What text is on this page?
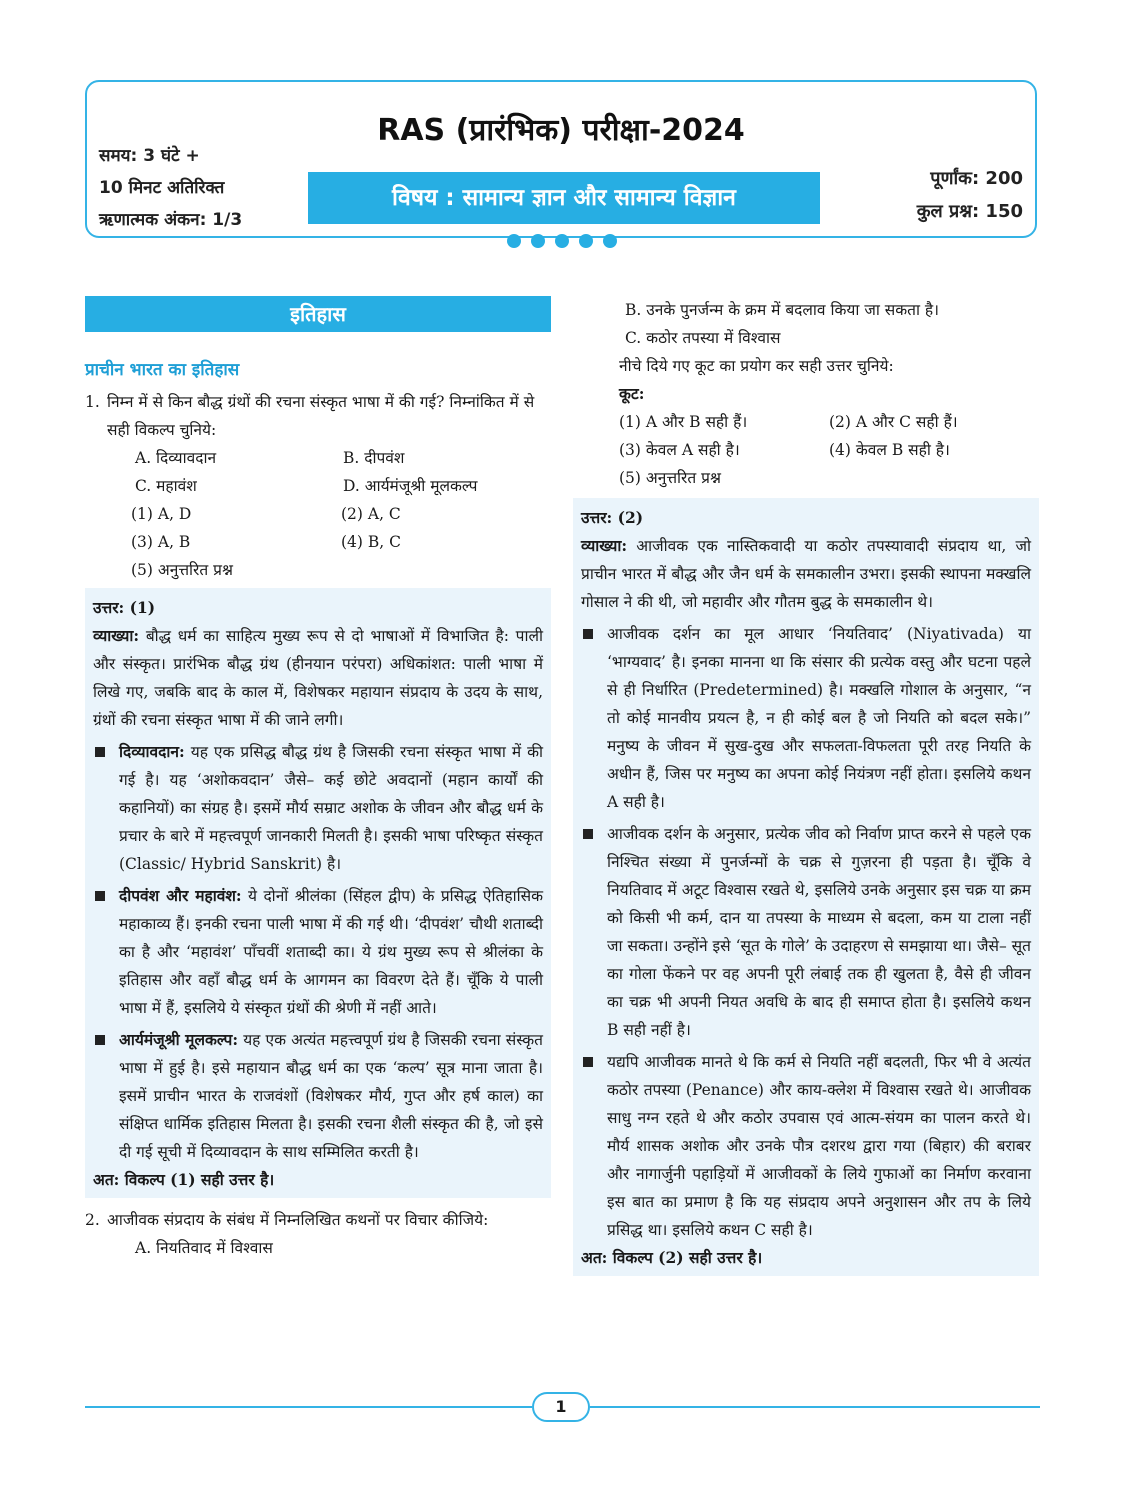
RAS (प्रारंभिक) परीक्षा-2024
समय: 3 घंटे +
10 मिनट अतिरिक्त
ऋणात्मक अंकन: 1/3
विषय : सामान्य ज्ञान और सामान्य विज्ञान
पूर्णांक: 200
कुल प्रश्न: 150
इतिहास
प्राचीन भारत का इतिहास
1. निम्न में से किन बौद्ध ग्रंथों की रचना संस्कृत भाषा में की गई? निम्नांकित में से सही विकल्प चुनिये:
A. दिव्यावदान	B. दीपवंश
C. महावंश	D. आर्यमंजूश्री मूलकल्प
(1) A, D	(2) A, C
(3) A, B	(4) B, C
(5) अनुत्तरित प्रश्न
उत्तर: (1)
व्याख्या: बौद्ध धर्म का साहित्य मुख्य रूप से दो भाषाओं में विभाजित है: पाली और संस्कृत। प्रारंभिक बौद्ध ग्रंथ (हीनयान परंपरा) अधिकांशत: पाली भाषा में लिखे गए, जबकि बाद के काल में, विशेषकर महायान संप्रदाय के उदय के साथ, ग्रंथों की रचना संस्कृत भाषा में की जाने लगी।
दिव्यावदान: यह एक प्रसिद्ध बौद्ध ग्रंथ है जिसकी रचना संस्कृत भाषा में की गई है। यह ‘अशोकवदान’ जैसे– कई छोटे अवदानों (महान कार्यों की कहानियों) का संग्रह है। इसमें मौर्य सम्राट अशोक के जीवन और बौद्ध धर्म के प्रचार के बारे में महत्त्वपूर्ण जानकारी मिलती है। इसकी भाषा परिष्कृत संस्कृत (Classic/ Hybrid Sanskrit) है।
दीपवंश और महावंश: ये दोनों श्रीलंका (सिंहल द्वीप) के प्रसिद्ध ऐतिहासिक महाकाव्य हैं। इनकी रचना पाली भाषा में की गई थी। ‘दीपवंश’ चौथी शताब्दी का है और ‘महावंश’ पाँचवीं शताब्दी का। ये ग्रंथ मुख्य रूप से श्रीलंका के इतिहास और वहाँ बौद्ध धर्म के आगमन का विवरण देते हैं। चूँकि ये पाली भाषा में हैं, इसलिये ये संस्कृत ग्रंथों की श्रेणी में नहीं आते।
आर्यमंजूश्री मूलकल्प: यह एक अत्यंत महत्त्वपूर्ण ग्रंथ है जिसकी रचना संस्कृत भाषा में हुई है। इसे महायान बौद्ध धर्म का एक ‘कल्प’ सूत्र माना जाता है। इसमें प्राचीन भारत के राजवंशों (विशेषकर मौर्य, गुप्त और हर्ष काल) का संक्षिप्त धार्मिक इतिहास मिलता है। इसकी रचना शैली संस्कृत की है, जो इसे दी गई सूची में दिव्यावदान के साथ सम्मिलित करती है।
अत: विकल्प (1) सही उत्तर है।
2. आजीवक संप्रदाय के संबंध में निम्नलिखित कथनों पर विचार कीजिये:
A. नियतिवाद में विश्वास
B. उनके पुनर्जन्म के क्रम में बदलाव किया जा सकता है।
C. कठोर तपस्या में विश्वास
नीचे दिये गए कूट का प्रयोग कर सही उत्तर चुनिये:
कूट:
(1) A और B सही हैं।	(2) A और C सही हैं।
(3) केवल A सही है।	(4) केवल B सही है।
(5) अनुत्तरित प्रश्न
उत्तर: (2)
व्याख्या: आजीवक एक नास्तिकवादी या कठोर तपस्यावादी संप्रदाय था, जो प्राचीन भारत में बौद्ध और जैन धर्म के समकालीन उभरा। इसकी स्थापना मक्खलि गोसाल ने की थी, जो महावीर और गौतम बुद्ध के समकालीन थे।
आजीवक दर्शन का मूल आधार ‘नियतिवाद’ (Niyativada) या ‘भाग्यवाद’ है। इनका मानना था कि संसार की प्रत्येक वस्तु और घटना पहले से ही निर्धारित (Predetermined) है। मक्खलि गोशाल के अनुसार, “न तो कोई मानवीय प्रयत्न है, न ही कोई बल है जो नियति को बदल सके।” मनुष्य के जीवन में सुख-दुख और सफलता-विफलता पूरी तरह नियति के अधीन हैं, जिस पर मनुष्य का अपना कोई नियंत्रण नहीं होता। इसलिये कथन A सही है।
आजीवक दर्शन के अनुसार, प्रत्येक जीव को निर्वाण प्राप्त करने से पहले एक निश्चित संख्या में पुनर्जन्मों के चक्र से गुज़रना ही पड़ता है। चूँकि वे नियतिवाद में अटूट विश्वास रखते थे, इसलिये उनके अनुसार इस चक्र या क्रम को किसी भी कर्म, दान या तपस्या के माध्यम से बदला, कम या टाला नहीं जा सकता। उन्होंने इसे ‘सूत के गोले’ के उदाहरण से समझाया था। जैसे– सूत का गोला फेंकने पर वह अपनी पूरी लंबाई तक ही खुलता है, वैसे ही जीवन का चक्र भी अपनी नियत अवधि के बाद ही समाप्त होता है। इसलिये कथन B सही नहीं है।
यद्यपि आजीवक मानते थे कि कर्म से नियति नहीं बदलती, फिर भी वे अत्यंत कठोर तपस्या (Penance) और काय-क्लेश में विश्वास रखते थे। आजीवक साधु नग्न रहते थे और कठोर उपवास एवं आत्म-संयम का पालन करते थे। मौर्य शासक अशोक और उनके पौत्र दशरथ द्वारा गया (बिहार) की बराबर और नागार्जुनी पहाड़ियों में आजीवकों के लिये गुफाओं का निर्माण करवाना इस बात का प्रमाण है कि यह संप्रदाय अपने अनुशासन और तप के लिये प्रसिद्ध था। इसलिये कथन C सही है।
अत: विकल्प (2) सही उत्तर है।
1
